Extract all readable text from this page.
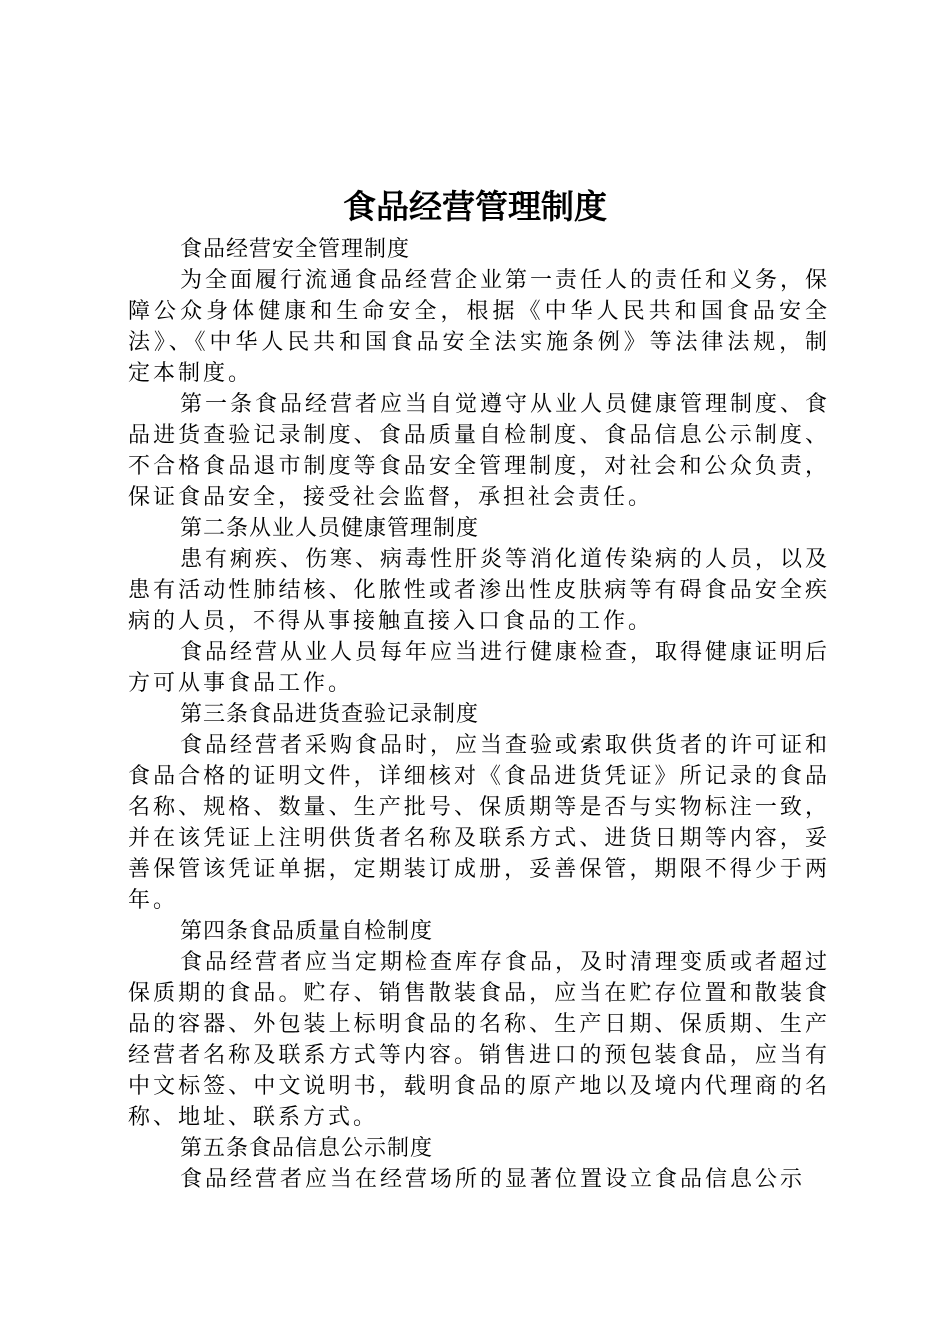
食品经营管理制度

食品经营安全管理制度

为全面履行流通食品经营企业第一责任人的责任和义务，保障公众身体健康和生命安全，根据《中华人民共和国食品安全法》、《中华人民共和国食品安全法实施条例》等法律法规，制定本制度。

第一条食品经营者应当自觉遵守从业人员健康管理制度、食品进货查验记录制度、食品质量自检制度、食品信息公示制度、不合格食品退市制度等食品安全管理制度，对社会和公众负责，保证食品安全，接受社会监督，承担社会责任。

第二条从业人员健康管理制度

患有痢疾、伤寒、病毒性肝炎等消化道传染病的人员，以及患有活动性肺结核、化脓性或者渗出性皮肤病等有碍食品安全疾病的人员，不得从事接触直接入口食品的工作。

食品经营从业人员每年应当进行健康检查，取得健康证明后方可从事食品工作。

第三条食品进货查验记录制度

食品经营者采购食品时，应当查验或索取供货者的许可证和食品合格的证明文件，详细核对《食品进货凭证》所记录的食品名称、规格、数量、生产批号、保质期等是否与实物标注一致，并在该凭证上注明供货者名称及联系方式、进货日期等内容，妥善保管该凭证单据，定期装订成册，妥善保管，期限不得少于两年。

第四条食品质量自检制度

食品经营者应当定期检查库存食品，及时清理变质或者超过保质期的食品。贮存、销售散装食品，应当在贮存位置和散装食品的容器、外包装上标明食品的名称、生产日期、保质期、生产经营者名称及联系方式等内容。销售进口的预包装食品，应当有中文标签、中文说明书，载明食品的原产地以及境内代理商的名称、地址、联系方式。

第五条食品信息公示制度

食品经营者应当在经营场所的显著位置设立食品信息公示
